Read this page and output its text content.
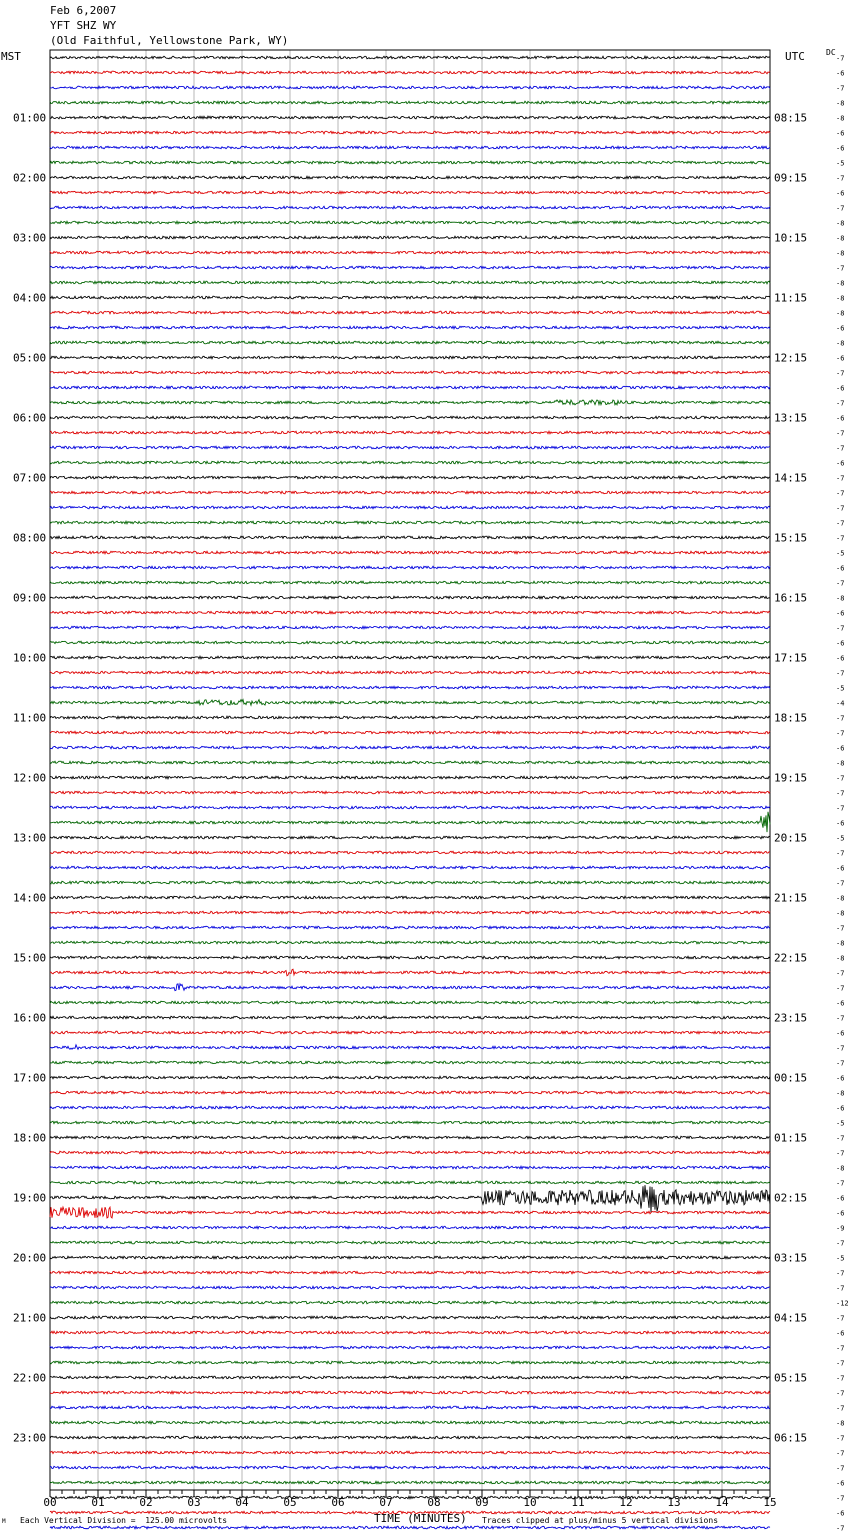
Feb 6,2007
YFT SHZ WY
(Old Faithful, Yellowstone Park, WY)
MST	UTC	DC
-7
-6
-7
-8
-8
-6
-6
-5
-7
-6
-7
-8
-8
-8
-7
-8
-8
-8
-6
-8
-6
-7
-6
-7
-6
-7
-7
-6
-7
-7
-7
-7
-7
-5
-6
-7
-8
-6
-7
-6
-6
-7
-5
-4
-7
-7
-6
-8
-7
-7
-7
-6
-5
-7
-6
-7
-8
-8
-7
-8
-8
-7
-7
-6
-7
-6
-7
-7
-6
-8
-6
-5
-7
-7
-8
-7
-6
-6
-9
-7
-5
-7
-7
-12
-7
-6
-7
-7
-7
-7
-7
-8
-7
-7
-7
-6
-7
-6
-7
01:00
02:00
03:00
04:00
05:00
06:00
07:00
08:00
09:00
10:00
11:00
12:00
13:00
14:00
15:00
16:00
17:00
18:00
19:00
20:00
21:00
22:00
23:00
08:15
09:15
10:15
11:15
12:15
13:15
14:15
15:15
16:15
17:15
18:15
19:15
20:15
21:15
22:15
23:15
00:15
01:15
02:15
03:15
04:15
05:15
06:15
00	01	02	03	04	05	06	07	08	09	10	11	12	13	14	15
M Each Vertical Division =  125.00 microvolts	TIME (MINUTES) Traces clipped at plus/minus 5 vertical divisions
